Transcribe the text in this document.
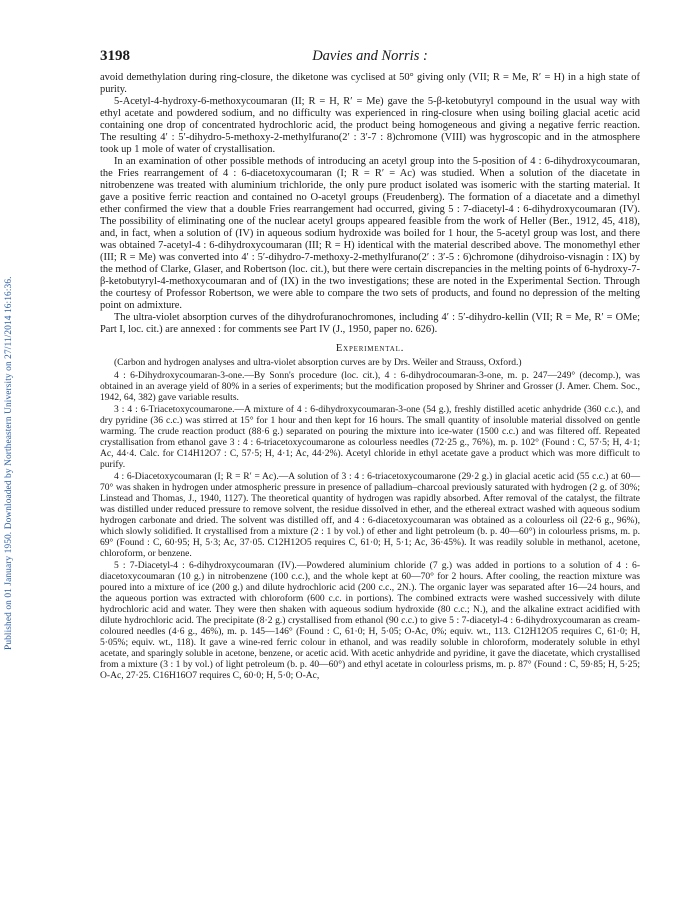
Published on 01 January 1950. Downloaded by Northeastern University on 27/11/2014 16:16:36.
3198	Davies and Norris :

avoid demethylation during ring-closure, the diketone was cyclised at 50° giving only (VII; R = Me, R′ = H) in a high state of purity.

5-Acetyl-4-hydroxy-6-methoxycoumaran (II; R = H, R′ = Me) gave the 5-β-ketobutyryl compound in the usual way with ethyl acetate and powdered sodium, and no difficulty was experienced in ring-closure when using boiling glacial acetic acid containing one drop of concentrated hydrochloric acid, the product being homogeneous and giving a negative ferric reaction. The resulting 4′ : 5′-dihydro-5-methoxy-2-methylfurano(2′ : 3′-7 : 8)chromone (VIII) was hygroscopic and in the atmosphere took up 1 mole of water of crystallisation.

In an examination of other possible methods of introducing an acetyl group into the 5-position of 4 : 6-dihydroxycoumaran, the Fries rearrangement of 4 : 6-diacetoxycoumaran (I; R = R′ = Ac) was studied. When a solution of the diacetate in nitrobenzene was treated with aluminium trichloride, the only pure product isolated was isomeric with the starting material. It gave a positive ferric reaction and contained no O-acetyl groups (Freudenberg). The formation of a diacetate and a dimethyl ether confirmed the view that a double Fries rearrangement had occurred, giving 5 : 7-diacetyl-4 : 6-dihydroxycoumaran (IV). The possibility of eliminating one of the nuclear acetyl groups appeared feasible from the work of Heller (Ber., 1912, 45, 418), and, in fact, when a solution of (IV) in aqueous sodium hydroxide was boiled for 1 hour, the 5-acetyl group was lost, and there was obtained 7-acetyl-4 : 6-dihydroxycoumaran (III; R = H) identical with the material described above. The monomethyl ether (III; R = Me) was converted into 4′ : 5′-dihydro-7-methoxy-2-methylfurano(2′ : 3′-5 : 6)chromone (dihydroiso-visnagin : IX) by the method of Clarke, Glaser, and Robertson (loc. cit.), but there were certain discrepancies in the melting points of 6-hydroxy-7-β-ketobutyryl-4-methoxycoumaran and of (IX) in the two investigations; these are noted in the Experimental Section. Through the courtesy of Professor Robertson, we were able to compare the two sets of products, and found no depression of the melting point on admixture.

The ultra-violet absorption curves of the dihydrofuranochromones, including 4′ : 5′-dihydro-kellin (VII; R = Me, R′ = OMe; Part I, loc. cit.) are annexed : for comments see Part IV (J., 1950, paper no. 626).

Experimental.

(Carbon and hydrogen analyses and ultra-violet absorption curves are by Drs. Weiler and Strauss, Oxford.)

4 : 6-Dihydroxycoumaran-3-one.—By Sonn's procedure (loc. cit.), 4 : 6-dihydrocoumaran-3-one, m. p. 247—249° (decomp.), was obtained in an average yield of 80% in a series of experiments; but the modification proposed by Shriner and Grosser (J. Amer. Chem. Soc., 1942, 64, 382) gave variable results.

3 : 4 : 6-Triacetoxycoumarone.—A mixture of 4 : 6-dihydroxycoumaran-3-one (54 g.), freshly distilled acetic anhydride (360 c.c.), and dry pyridine (36 c.c.) was stirred at 15° for 1 hour and then kept for 16 hours. The small quantity of insoluble material dissolved on gentle warming. The crude reaction product (88·6 g.) separated on pouring the mixture into ice-water (1500 c.c.) and was filtered off. Repeated crystallisation from ethanol gave 3 : 4 : 6-triacetoxycoumarone as colourless needles (72·25 g., 76%), m. p. 102° (Found : C, 57·5; H, 4·1; Ac, 44·4. Calc. for C14H12O7 : C, 57·5; H, 4·1; Ac, 44·2%). Acetyl chloride in ethyl acetate gave a product which was more difficult to purify.

4 : 6-Diacetoxycoumaran (I; R = R′ = Ac).—A solution of 3 : 4 : 6-triacetoxycoumarone (29·2 g.) in glacial acetic acid (55 c.c.) at 60—70° was shaken in hydrogen under atmospheric pressure in presence of palladium–charcoal previously saturated with hydrogen (2 g. of 30%; Linstead and Thomas, J., 1940, 1127). The theoretical quantity of hydrogen was rapidly absorbed. After removal of the catalyst, the filtrate was distilled under reduced pressure to remove solvent, the residue dissolved in ether, and the ethereal extract washed with aqueous sodium hydrogen carbonate and dried. The solvent was distilled off, and 4 : 6-diacetoxycoumaran was obtained as a colourless oil (22·6 g., 96%), which slowly solidified. It crystallised from a mixture (2 : 1 by vol.) of ether and light petroleum (b. p. 40—60°) in colourless prisms, m. p. 69° (Found : C, 60·95; H, 5·3; Ac, 37·05. C12H12O5 requires C, 61·0; H, 5·1; Ac, 36·45%). It was readily soluble in methanol, acetone, chloroform, or benzene.

5 : 7-Diacetyl-4 : 6-dihydroxycoumaran (IV).—Powdered aluminium chloride (7 g.) was added in portions to a solution of 4 : 6-diacetoxycoumaran (10 g.) in nitrobenzene (100 c.c.), and the whole kept at 60—70° for 2 hours. After cooling, the reaction mixture was poured into a mixture of ice (200 g.) and dilute hydrochloric acid (200 c.c., 2N.). The organic layer was separated after 16—24 hours, and the aqueous portion was extracted with chloroform (600 c.c. in portions). The combined extracts were washed successively with dilute hydrochloric acid and water. They were then shaken with aqueous sodium hydroxide (80 c.c.; N.), and the alkaline extract acidified with dilute hydrochloric acid. The precipitate (8·2 g.) crystallised from ethanol (90 c.c.) to give 5 : 7-diacetyl-4 : 6-dihydroxycoumaran as cream-coloured needles (4·6 g., 46%), m. p. 145—146° (Found : C, 61·0; H, 5·05; O-Ac, 0%; equiv. wt., 113. C12H12O5 requires C, 61·0; H, 5·05%; equiv. wt., 118). It gave a wine-red ferric colour in ethanol, and was readily soluble in chloroform, moderately soluble in ethyl acetate, and sparingly soluble in acetone, benzene, or acetic acid. With acetic anhydride and pyridine, it gave the diacetate, which crystallised from a mixture (3 : 1 by vol.) of light petroleum (b. p. 40—60°) and ethyl acetate in colourless prisms, m. p. 87° (Found : C, 59·85; H, 5·25; O-Ac, 27·25. C16H16O7 requires C, 60·0; H, 5·0; O-Ac,
